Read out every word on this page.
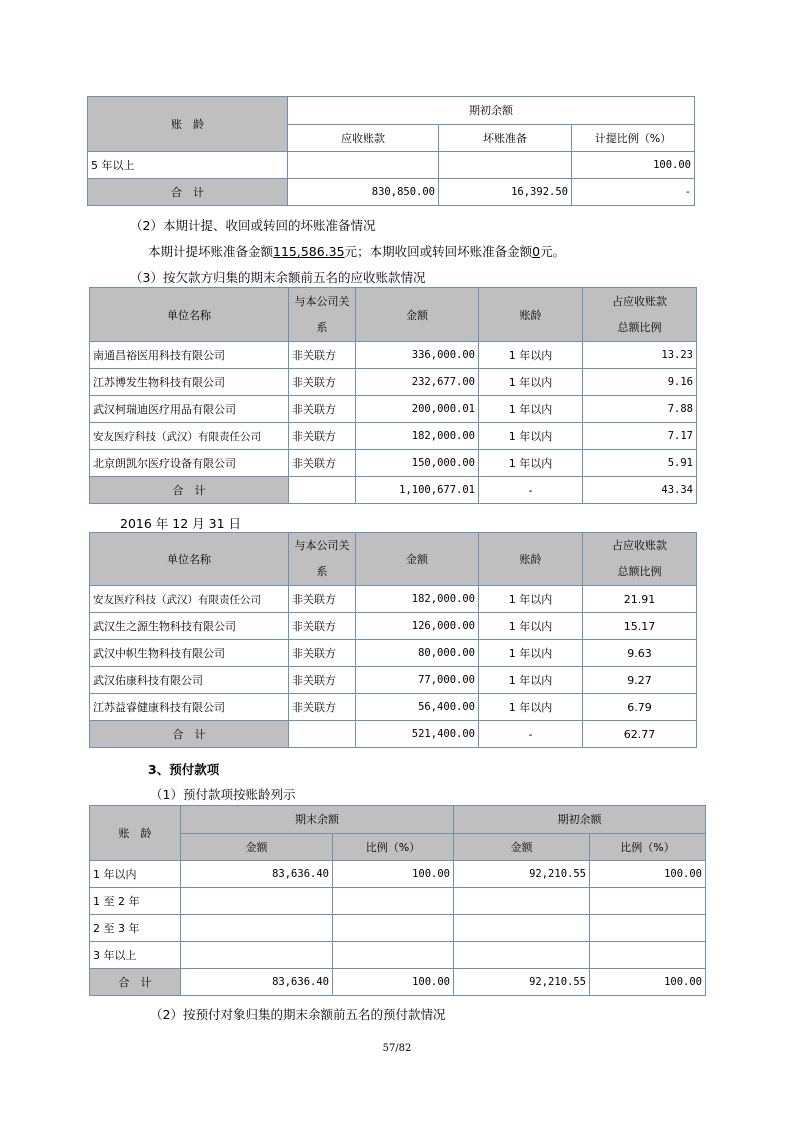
账　龄	期初余额		
	应收账款	坏账准备	计提比例（%）
5 年以上			100.00
合　计	830,850.00	16,392.50	-
（2）本期计提、收回或转回的坏账准备情况
本期计提坏账准备金额115,586.35元；本期收回或转回坏账准备金额0元。
（3）按欠款方归集的期末余额前五名的应收账款情况
单位名称	与本公司关
系	金额	账龄	占应收账款
总额比例

南通昌裕医用科技有限公司	非关联方	336,000.00	1 年以内	13.23
江苏博发生物科技有限公司	非关联方	232,677.00	1 年以内	9.16
武汉柯瑞迪医疗用品有限公司	非关联方	200,000.01	1 年以内	7.88
安友医疗科技（武汉）有限责任公司	非关联方	182,000.00	1 年以内	7.17
北京朗凯尔医疗设备有限公司	非关联方	150,000.00	1 年以内	5.91
合　计		1,100,677.01	-	43.34
2016 年 12 月 31 日
单位名称	与本公司关
系	金额	账龄	占应收账款
总额比例

安友医疗科技（武汉）有限责任公司	非关联方	182,000.00	1 年以内	21.91
武汉生之源生物科技有限公司	非关联方	126,000.00	1 年以内	15.17
武汉中帜生物科技有限公司	非关联方	80,000.00	1 年以内	9.63
武汉佑康科技有限公司	非关联方	77,000.00	1 年以内	9.27
江苏益睿健康科技有限公司	非关联方	56,400.00	1 年以内	6.79
合　计		521,400.00	-	62.77
3、预付款项
（1）预付款项按账龄列示
账　龄	期末余额		期初余额	
	金额	比例（%）	金额	比例（%）
1 年以内	83,636.40	100.00	92,210.55	100.00
1 至 2 年				
2 至 3 年				
3 年以上				
合　计	83,636.40	100.00	92,210.55	100.00
（2）按预付对象归集的期末余额前五名的预付款情况
57/82
